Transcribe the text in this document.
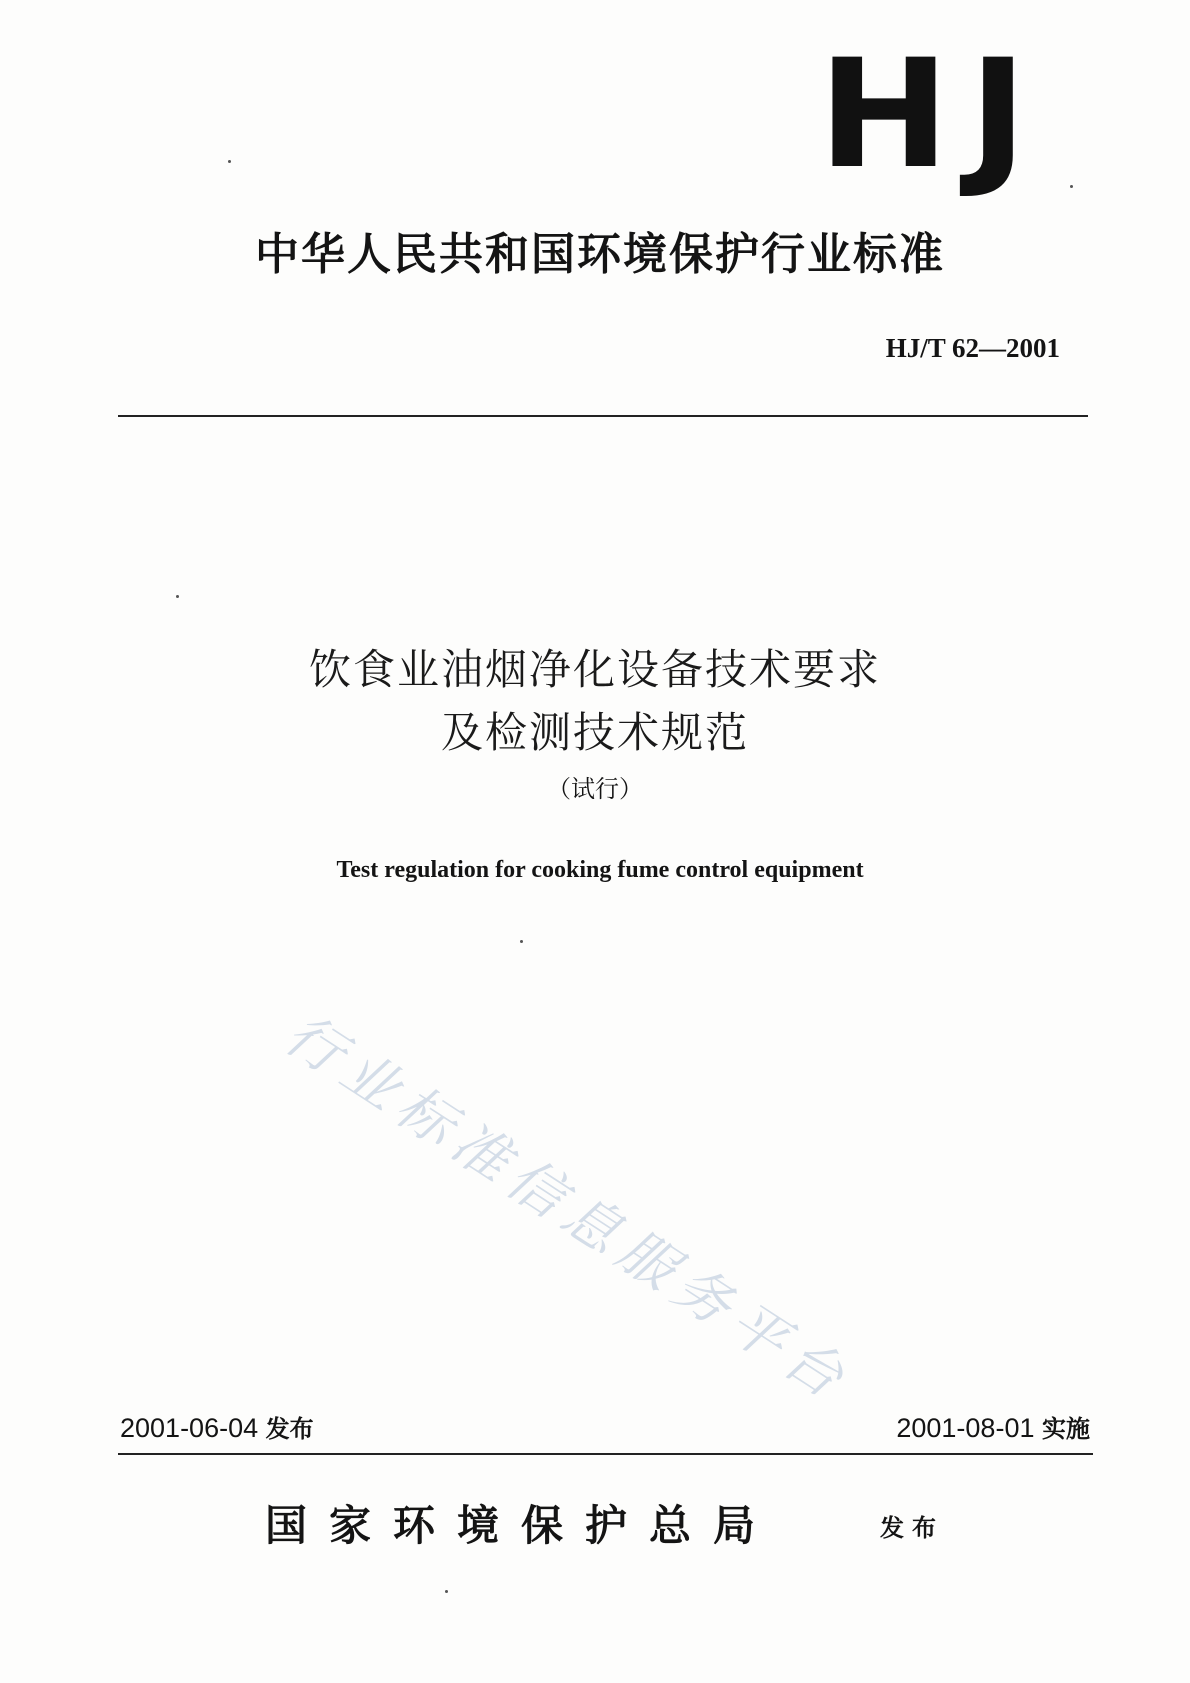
HJ
中华人民共和国环境保护行业标准
HJ/T 62—2001
饮食业油烟净化设备技术要求
及检测技术规范
（试行）
Test regulation for cooking fume control equipment
行业标准信息服务平台
2001-06-04 发布	2001-08-01 实施
国家环境保护总局	发布
